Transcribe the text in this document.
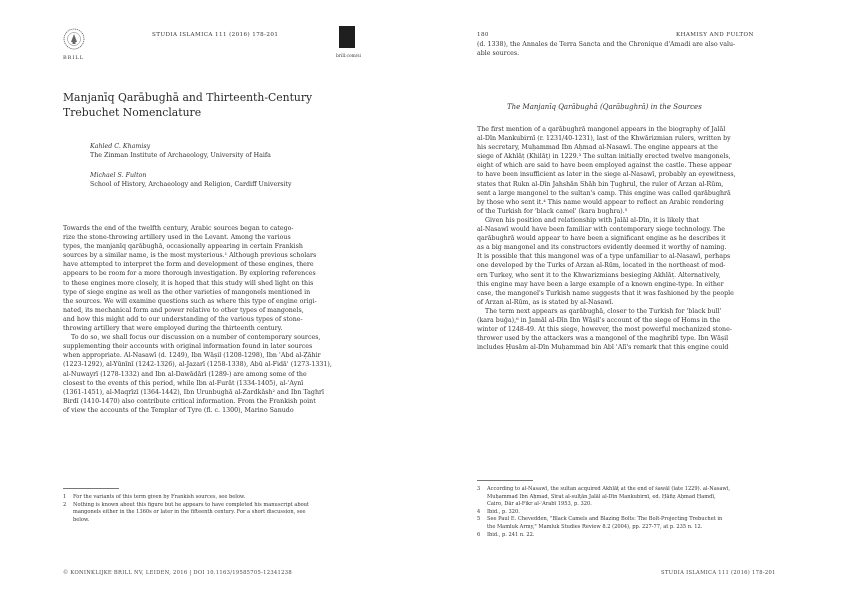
BRILL
STUDIA ISLAMICA 111 (2016) 178-201
brill.com/si
Manjanīq Qarābughā and Thirteenth-Century
Trebuchet Nomenclature
Kahled C. Khamisy
The Zinman Institute of Archaeology, University of Haifa
Michael S. Fulton
School of History, Archaeology and Religion, Cardiff University
Towards the end of the twelfth century, Arabic sources began to catego-
rize the stone-throwing artillery used in the Levant. Among the various
types, the manjanīq qarābughā, occasionally appearing in certain Frankish
sources by a similar name, is the most mysterious.¹ Although previous scholars
have attempted to interpret the form and development of these engines, there
appears to be room for a more thorough investigation. By exploring references
to these engines more closely, it is hoped that this study will shed light on this
type of siege engine as well as the other varieties of mangonels mentioned in
the sources. We will examine questions such as where this type of engine origi-
nated, its mechanical form and power relative to other types of mangonels,
and how this might add to our understanding of the various types of stone-
throwing artillery that were employed during the thirteenth century.
To do so, we shall focus our discussion on a number of contemporary sources,
supplementing their accounts with original information found in later sources
when appropriate. Al-Nasawī (d. 1249), Ibn Wāṣil (1208-1298), Ibn ʿAbd al-Ẓāhir
(1223-1292), al-Yūnīnī (1242-1326), al-Jazarī (1258-1338), Abū al-Fidāʾ (1273-1331),
al-Nuwayrī (1278-1332) and Ibn al-Dawādārī (1289-) are among some of the
closest to the events of this period, while Ibn al-Furāt (1334-1405), al-ʿAynī
(1361-1451), al-Maqrīzī (1364-1442), Ibn Urunbughā al-Zardkāsh² and Ibn Taghrī
Birdī (1410-1470) also contribute critical information. From the Frankish point
of view the accounts of the Templar of Tyre (fl. c. 1300), Marino Sanudo
1	For the variants of this term given by Frankish sources, see below.
2	Nothing is known about this figure but he appears to have completed his manuscript about
mangonels either in the 1360s or later in the fifteenth century. For a short discussion, see
below.
© KONINKLIJKE BRILL NV, LEIDEN, 2016 | DOI 10.1163/19585705-12341238
180	KHAMISY AND FULTON
(d. 1338), the Annales de Terra Sancta and the Chronique d'Amadi are also valu-
able sources.
The Manjanīq Qarābughā (Qarābughrā) in the Sources
The first mention of a qarābughrā mangonel appears in the biography of Jalāl
al-Dīn Mankubirnī (r. 1231/40-1231), last of the Khwārizmian rulers, written by
his secretary, Muḥammad Ibn Aḥmad al-Nasawī. The engine appears at the
siege of Akhlāṭ (Khilāṭ) in 1229.³ The sultan initially erected twelve mangonels,
eight of which are said to have been employed against the castle. These appear
to have been insufficient as later in the siege al-Nasawī, probably an eyewitness,
states that Rukn al-Dīn Jahshān Shāh bin Ṭughrul, the ruler of Arzan al-Rūm,
sent a large mangonel to the sultan's camp. This engine was called qarābughrā
by those who sent it.⁴ This name would appear to reflect an Arabic rendering
of the Turkish for 'black camel' (kara bughra).⁵
Given his position and relationship with Jalāl al-Dīn, it is likely that
al-Nasawī would have been familiar with contemporary siege technology. The
qarābughrā would appear to have been a significant engine as he describes it
as a big mangonel and its constructors evidently deemed it worthy of naming.
It is possible that this mangonel was of a type unfamiliar to al-Nasawī, perhaps
one developed by the Turks of Arzan al-Rūm, located in the northeast of mod-
ern Turkey, who sent it to the Khwarizmians besieging Akhlāṭ. Alternatively,
this engine may have been a large example of a known engine-type. In either
case, the mangonel's Turkish name suggests that it was fashioned by the people
of Arzan al-Rūm, as is stated by al-Nasawī.
The term next appears as qarābughā, closer to the Turkish for 'black bull'
(kara buğa),⁶ in Jamāl al-Dīn Ibn Wāṣil's account of the siege of Ḥoms in the
winter of 1248-49. At this siege, however, the most powerful mechanized stone-
thrower used by the attackers was a mangonel of the maghribī type. Ibn Wāṣil
includes Ḥusām al-Dīn Muḥammad bin Abī ʿAlī's remark that this engine could
3	According to al-Nasawī, the sultan acquired Akhlāṭ at the end of šawāl (late 1229). al-Nasawī,
Muḥammad Ibn Aḥmad, Sīrat al-sulṭān Jalāl al-Dīn Mankubirnī, ed. Ḥāfiẓ Aḥmad Ḥamdī,
Cairo, Dār al-Fikr al-ʿArabī 1953, p. 320.
4	Ibid., p. 320.
5	See Paul E. Chevedden, "Black Camels and Blazing Bolts: The Bolt-Projecting Trebuchet in
the Mamluk Army," Mamluk Studies Review 8.2 (2004), pp. 227-77, at p. 235 n. 12.
6	Ibid., p. 241 n. 22.
STUDIA ISLAMICA 111 (2016) 178-201
